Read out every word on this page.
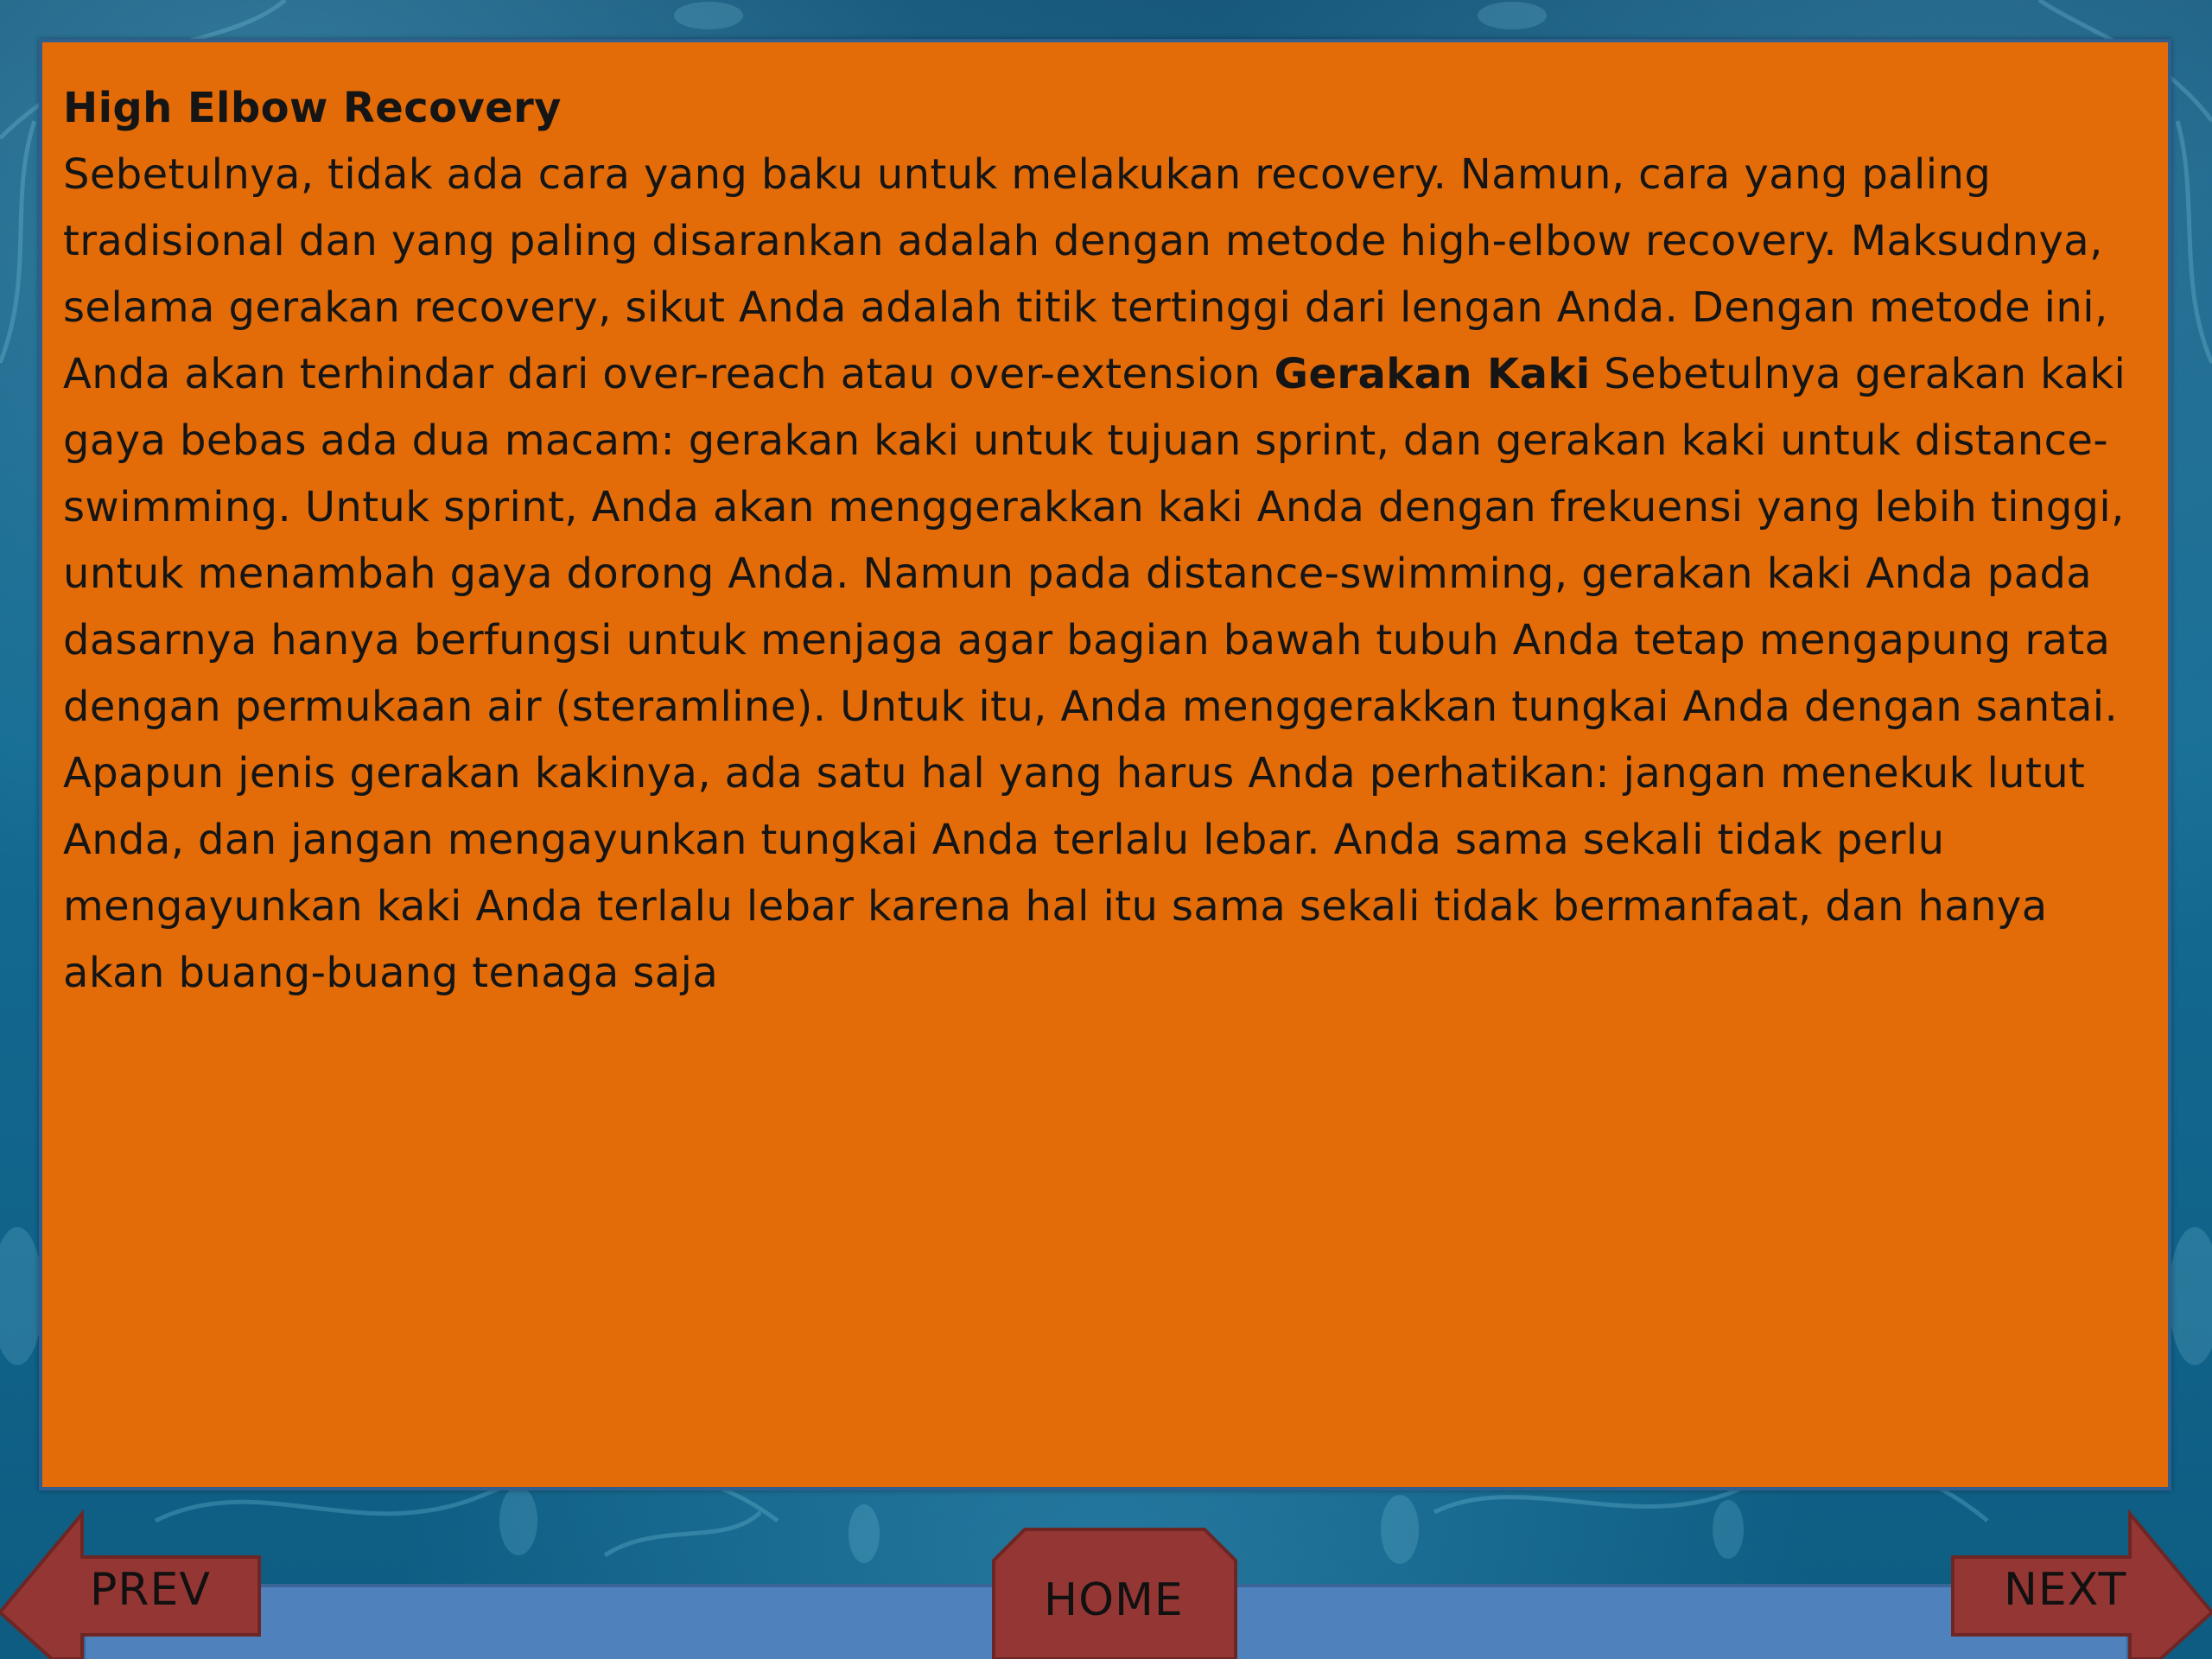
High Elbow Recovery
Sebetulnya, tidak ada cara yang baku untuk melakukan recovery. Namun, cara yang paling tradisional dan yang paling disarankan adalah dengan metode high-elbow recovery. Maksudnya, selama gerakan recovery, sikut Anda adalah titik tertinggi dari lengan Anda. Dengan metode ini, Anda akan terhindar dari over-reach atau over-extension Gerakan Kaki Sebetulnya gerakan kaki gaya bebas ada dua macam: gerakan kaki untuk tujuan sprint, dan gerakan kaki untuk distance-swimming. Untuk sprint, Anda akan menggerakkan kaki Anda dengan frekuensi yang lebih tinggi, untuk menambah gaya dorong Anda. Namun pada distance-swimming, gerakan kaki Anda pada dasarnya hanya berfungsi untuk menjaga agar bagian bawah tubuh Anda tetap mengapung rata dengan permukaan air (steramline). Untuk itu, Anda menggerakkan tungkai Anda dengan santai. Apapun jenis gerakan kakinya, ada satu hal yang harus Anda perhatikan: jangan menekuk lutut Anda, dan jangan mengayunkan tungkai Anda terlalu lebar. Anda sama sekali tidak perlu mengayunkan kaki Anda terlalu lebar karena hal itu sama sekali tidak bermanfaat, dan hanya akan buang-buang tenaga saja
PREV	HOME	NEXT
